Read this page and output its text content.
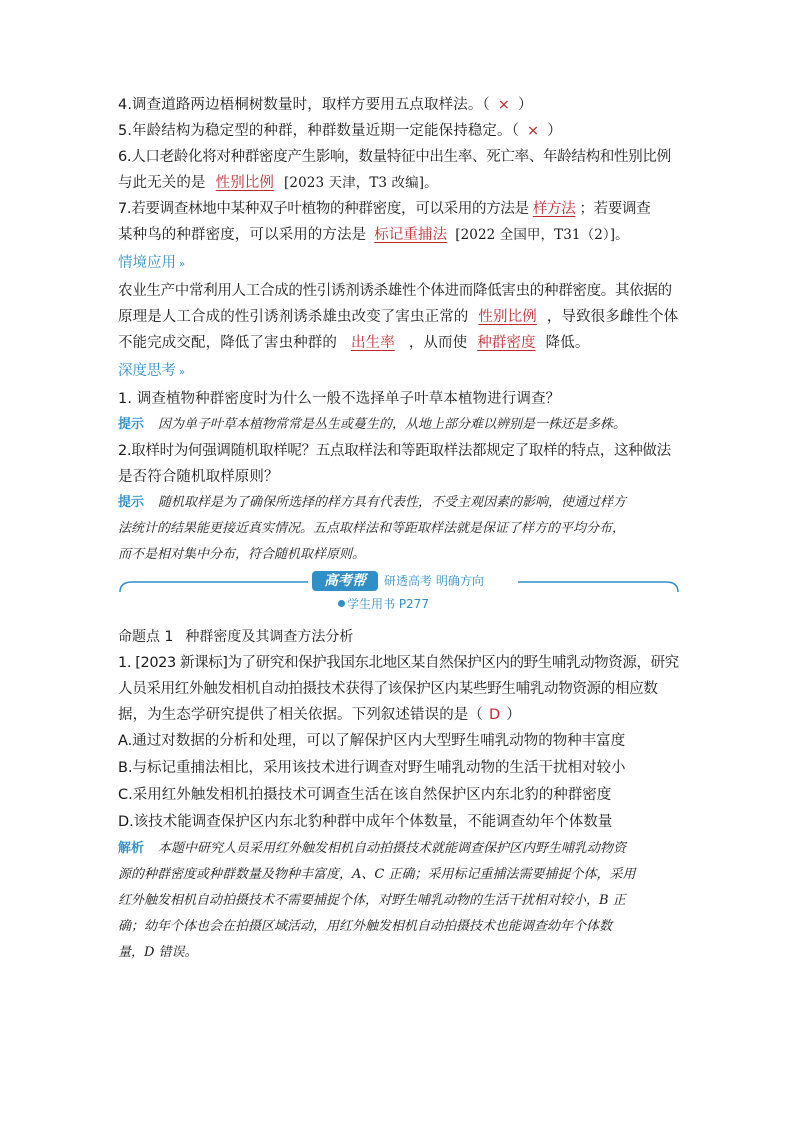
4.调查道路两边梧桐树数量时，取样方要用五点取样法。（ × ）
5.年龄结构为稳定型的种群，种群数量近期一定能保持稳定。（ × ）
6.人口老龄化将对种群密度产生影响，数量特征中出生率、死亡率、年龄结构和性别比例
与此无关的是 性别比例 [2023 天津，T3 改编]。
7.若要调查林地中某种双子叶植物的种群密度，可以采用的方法是 样方法 ；若要调查
某种鸟的种群密度，可以采用的方法是 标记重捕法 [2022 全国甲，T31（2）]。
情境应用 »
农业生产中常利用人工合成的性引诱剂诱杀雄性个体进而降低害虫的种群密度。其依据的
原理是人工合成的性引诱剂诱杀雄虫改变了害虫正常的 性别比例 ，导致很多雌性个体
不能完成交配，降低了害虫种群的 出生率 ，从而使 种群密度 降低。
深度思考 »
1. 调查植物种群密度时为什么一般不选择单子叶草本植物进行调查？
提示 因为单子叶草本植物常常是丛生或蔓生的，从地上部分难以辨别是一株还是多株。
2.取样时为何强调随机取样呢？五点取样法和等距取样法都规定了取样的特点，这种做法
是否符合随机取样原则？
提示 随机取样是为了确保所选择的样方具有代表性，不受主观因素的影响，使通过样方
法统计的结果能更接近真实情况。五点取样法和等距取样法就是保证了样方的平均分布，
而不是相对集中分布，符合随机取样原则。
高考帮	研透高考 明确方向
学生用书 P277
命题点 1 种群密度及其调查方法分析
1. [2023 新课标]为了研究和保护我国东北地区某自然保护区内的野生哺乳动物资源，研究
人员采用红外触发相机自动拍摄技术获得了该保护区内某些野生哺乳动物资源的相应数
据，为生态学研究提供了相关依据。下列叙述错误的是（ D ）
A.通过对数据的分析和处理，可以了解保护区内大型野生哺乳动物的物种丰富度
B.与标记重捕法相比，采用该技术进行调查对野生哺乳动物的生活干扰相对较小
C.采用红外触发相机拍摄技术可调查生活在该自然保护区内东北豹的种群密度
D.该技术能调查保护区内东北豹种群中成年个体数量，不能调查幼年个体数量
解析 本题中研究人员采用红外触发相机自动拍摄技术就能调查保护区内野生哺乳动物资
源的种群密度或种群数量及物种丰富度，A、C 正确；采用标记重捕法需要捕捉个体，采用
红外触发相机自动拍摄技术不需要捕捉个体，对野生哺乳动物的生活干扰相对较小，B 正
确；幼年个体也会在拍摄区域活动，用红外触发相机自动拍摄技术也能调查幼年个体数
量，D 错误。
